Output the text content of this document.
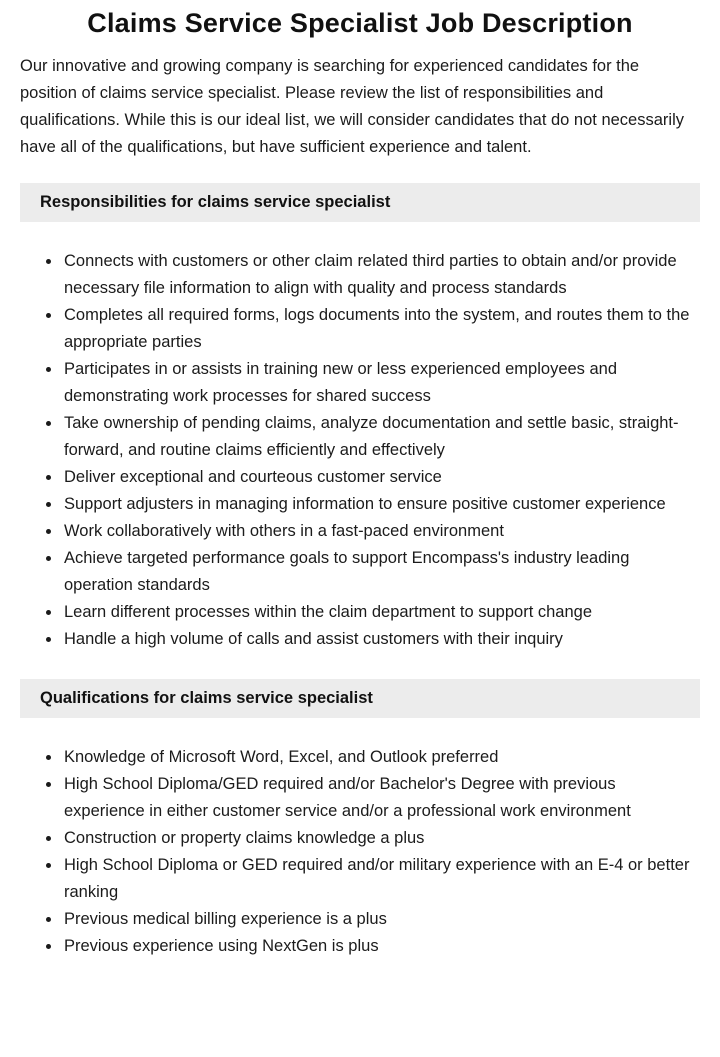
Claims Service Specialist Job Description

Our innovative and growing company is searching for experienced candidates for the position of claims service specialist. Please review the list of responsibilities and qualifications. While this is our ideal list, we will consider candidates that do not necessarily have all of the qualifications, but have sufficient experience and talent.

Responsibilities for claims service specialist
• Connects with customers or other claim related third parties to obtain and/or provide necessary file information to align with quality and process standards
• Completes all required forms, logs documents into the system, and routes them to the appropriate parties
• Participates in or assists in training new or less experienced employees and demonstrating work processes for shared success
• Take ownership of pending claims, analyze documentation and settle basic, straight-forward, and routine claims efficiently and effectively
• Deliver exceptional and courteous customer service
• Support adjusters in managing information to ensure positive customer experience
• Work collaboratively with others in a fast-paced environment
• Achieve targeted performance goals to support Encompass's industry leading operation standards
• Learn different processes within the claim department to support change
• Handle a high volume of calls and assist customers with their inquiry
Qualifications for claims service specialist
• Knowledge of Microsoft Word, Excel, and Outlook preferred
• High School Diploma/GED required and/or Bachelor's Degree with previous experience in either customer service and/or a professional work environment
• Construction or property claims knowledge a plus
• High School Diploma or GED required and/or military experience with an E-4 or better ranking
• Previous medical billing experience is a plus
• Previous experience using NextGen is plus
